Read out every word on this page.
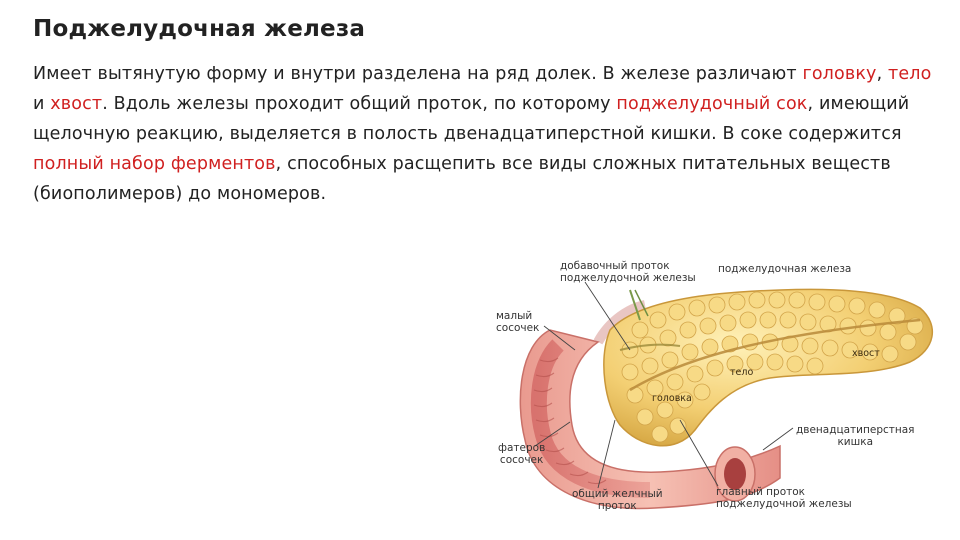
Поджелудочная железа
Имеет вытянутую форму и внутри разделена на ряд долек. В железе различают головку, тело и хвост. Вдоль железы проходит общий проток, по которому поджелудочный сок, имеющий щелочную реакцию, выделяется в полость двенадцатиперстной кишки. В соке содержится полный набор ферментов, способных расщепить все виды сложных питательных веществ (биополимеров) до мономеров.
добавочный проток
поджелудочной железы
поджелудочная железа
малый
сосочек
хвост
тело
головка
двенадцатиперстная
кишка
фатеров
сосочек
общий желчный
проток
главный проток
поджелудочной железы
